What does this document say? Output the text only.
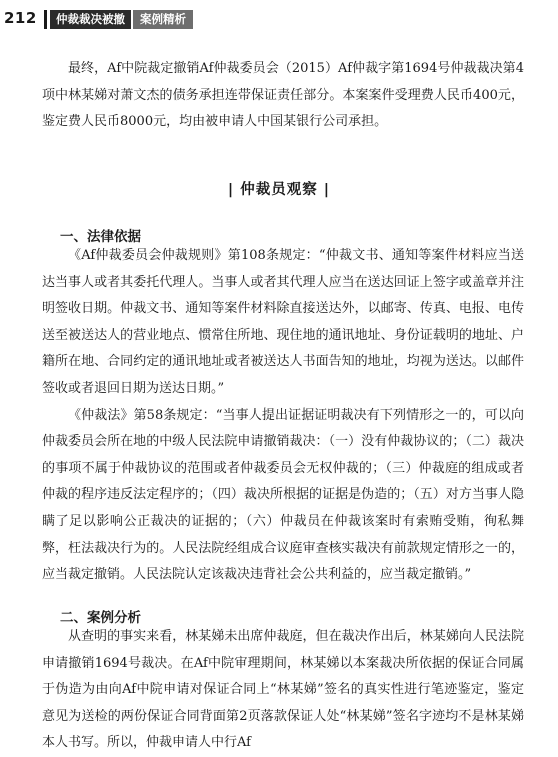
212	仲裁裁决被撤	案例精析

最终，Af中院裁定撤销Af仲裁委员会（2015）Af仲裁字第1694号仲裁裁决第4项中林某娣对萧文杰的债务承担连带保证责任部分。本案案件受理费人民币400元，鉴定费人民币8000元，均由被申请人中国某银行公司承担。

| 仲裁员观察 |
一、法律依据

《Af仲裁委员会仲裁规则》第108条规定：“仲裁文书、通知等案件材料应当送达当事人或者其委托代理人。当事人或者其代理人应当在送达回证上签字或盖章并注明签收日期。仲裁文书、通知等案件材料除直接送达外，以邮寄、传真、电报、电传送至被送达人的营业地点、惯常住所地、现住地的通讯地址、身份证载明的地址、户籍所在地、合同约定的通讯地址或者被送达人书面告知的地址，均视为送达。以邮件签收或者退回日期为送达日期。”

《仲裁法》第58条规定：“当事人提出证据证明裁决有下列情形之一的，可以向仲裁委员会所在地的中级人民法院申请撤销裁决：（一）没有仲裁协议的；（二）裁决的事项不属于仲裁协议的范围或者仲裁委员会无权仲裁的；（三）仲裁庭的组成或者仲裁的程序违反法定程序的；（四）裁决所根据的证据是伪造的；（五）对方当事人隐瞒了足以影响公正裁决的证据的；（六）仲裁员在仲裁该案时有索贿受贿，徇私舞弊，枉法裁决行为的。人民法院经组成合议庭审查核实裁决有前款规定情形之一的，应当裁定撤销。人民法院认定该裁决违背社会公共利益的，应当裁定撤销。”

二、案例分析

从查明的事实来看，林某娣未出席仲裁庭，但在裁决作出后，林某娣向人民法院申请撤销1694号裁决。在Af中院审理期间，林某娣以本案裁决所依据的保证合同属于伪造为由向Af中院申请对保证合同上“林某娣”签名的真实性进行笔迹鉴定，鉴定意见为送检的两份保证合同背面第2页落款保证人处“林某娣”签名字迹均不是林某娣本人书写。所以，仲裁申请人中行Af
